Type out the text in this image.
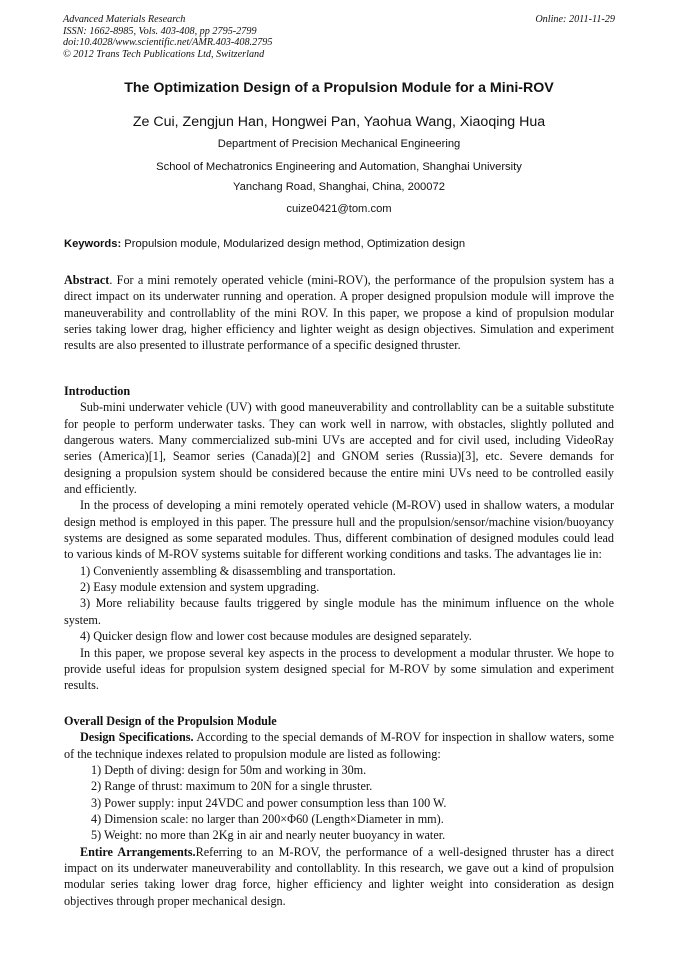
Advanced Materials Research
ISSN: 1662-8985, Vols. 403-408, pp 2795-2799
doi:10.4028/www.scientific.net/AMR.403-408.2795
© 2012 Trans Tech Publications Ltd, Switzerland
Online: 2011-11-29
The Optimization Design of a Propulsion Module for a Mini-ROV
Ze Cui, Zengjun Han, Hongwei Pan, Yaohua Wang, Xiaoqing Hua
Department of Precision Mechanical Engineering
School of Mechatronics Engineering and Automation, Shanghai University
Yanchang Road, Shanghai, China, 200072
cuize0421@tom.com
Keywords: Propulsion module, Modularized design method, Optimization design

Abstract. For a mini remotely operated vehicle (mini-ROV), the performance of the propulsion system has a direct impact on its underwater running and operation. A proper designed propulsion module will improve the maneuverability and controllablity of the mini ROV. In this paper, we propose a kind of propulsion modular series taking lower drag, higher efficiency and lighter weight as design objectives. Simulation and experiment results are also presented to illustrate performance of a specific designed thruster.

Introduction

Sub-mini underwater vehicle (UV) with good maneuverability and controllablity can be a suitable substitute for people to perform underwater tasks. They can work well in narrow, with obstacles, slightly polluted and dangerous waters. Many commercialized sub-mini UVs are accepted and for civil used, including VideoRay series (America)[1], Seamor series (Canada)[2] and GNOM series (Russia)[3], etc. Severe demands for designing a propulsion system should be considered because the entire mini UVs need to be controlled easily and efficiently.

In the process of developing a mini remotely operated vehicle (M-ROV) used in shallow waters, a modular design method is employed in this paper. The pressure hull and the propulsion/sensor/machine vision/buoyancy systems are designed as some separated modules. Thus, different combination of designed modules could lead to various kinds of M-ROV systems suitable for different working conditions and tasks. The advantages lie in:

1) Conveniently assembling & disassembling and transportation.

2) Easy module extension and system upgrading.

3) More reliability because faults triggered by single module has the minimum influence on the whole system.

4) Quicker design flow and lower cost because modules are designed separately.

In this paper, we propose several key aspects in the process to development a modular thruster. We hope to provide useful ideas for propulsion system designed special for M-ROV by some simulation and experiment results.

Overall Design of the Propulsion Module

Design Specifications. According to the special demands of M-ROV for inspection in shallow waters, some of the technique indexes related to propulsion module are listed as following:

1) Depth of diving: design for 50m and working in 30m.

2) Range of thrust: maximum to 20N for a single thruster.

3) Power supply: input 24VDC and power consumption less than 100 W.

4) Dimension scale: no larger than 200×Φ60 (Length×Diameter in mm).

5) Weight: no more than 2Kg in air and nearly neuter buoyancy in water.

Entire Arrangements.Referring to an M-ROV, the performance of a well-designed thruster has a direct impact on its underwater maneuverability and contollablity. In this research, we gave out a kind of propulsion modular series taking lower drag force, higher efficiency and lighter weight into consideration as design objectives through proper mechanical design.
